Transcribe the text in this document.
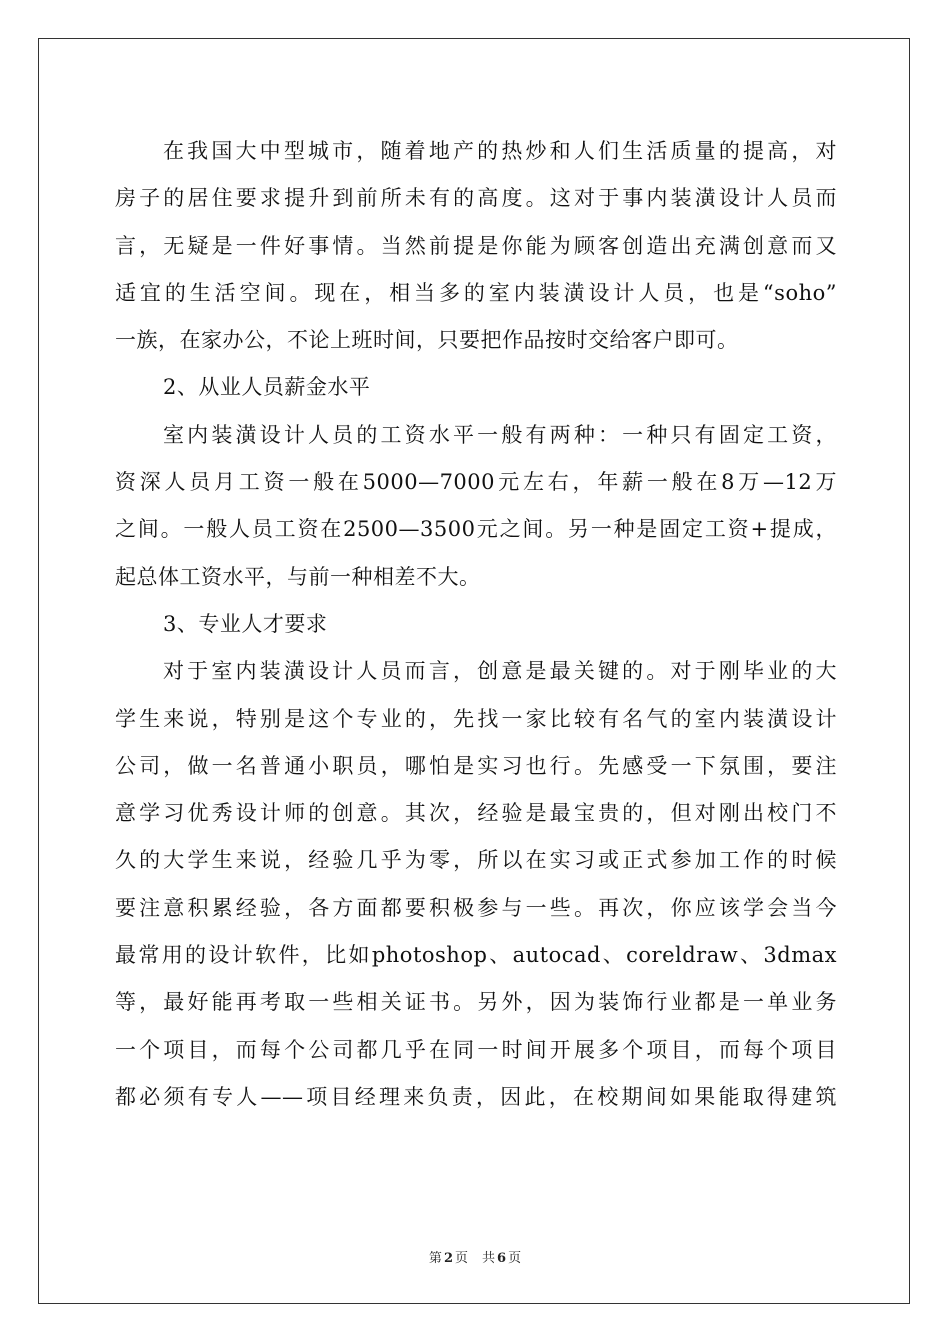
在我国大中型城市，随着地产的热炒和人们生活质量的提高，对
房子的居住要求提升到前所未有的高度。这对于事内装潢设计人员而
言，无疑是一件好事情。当然前提是你能为顾客创造出充满创意而又
适宜的生活空间。现在，相当多的室内装潢设计人员，也是“soho”
一族，在家办公，不论上班时间，只要把作品按时交给客户即可。
2、从业人员薪金水平
室内装潢设计人员的工资水平一般有两种：一种只有固定工资，
资深人员月工资一般在5000—7000元左右，年薪一般在8万—12万
之间。一般人员工资在2500—3500元之间。另一种是固定工资+提成，
起总体工资水平，与前一种相差不大。
3、专业人才要求
对于室内装潢设计人员而言，创意是最关键的。对于刚毕业的大
学生来说，特别是这个专业的，先找一家比较有名气的室内装潢设计
公司，做一名普通小职员，哪怕是实习也行。先感受一下氛围，要注
意学习优秀设计师的创意。其次，经验是最宝贵的，但对刚出校门不
久的大学生来说，经验几乎为零，所以在实习或正式参加工作的时候
要注意积累经验，各方面都要积极参与一些。再次，你应该学会当今
最常用的设计软件，比如photoshop、autocad、coreldraw、3dmax
等，最好能再考取一些相关证书。另外，因为装饰行业都是一单业务
一个项目，而每个公司都几乎在同一时间开展多个项目，而每个项目
都必须有专人——项目经理来负责，因此，在校期间如果能取得建筑
第 2 页 共 6 页
